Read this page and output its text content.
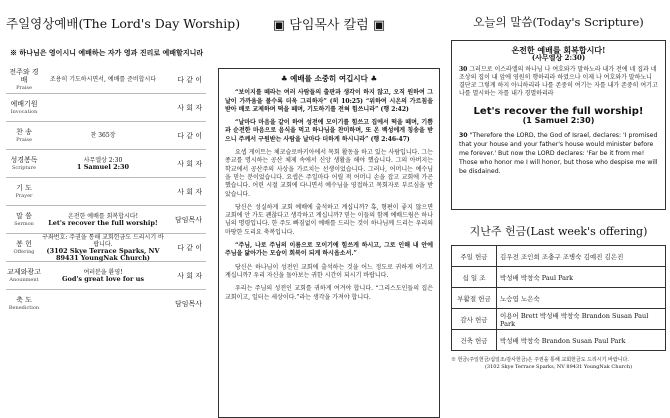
주일영상예배(The Lord's Day Worship)
※ 하나님은 영이시니 예배하는 자가 영과 진리로 예배할지니라
전주와 경배
Praise
조용히 기도하시면서, 예배를 준비합시다	다 같 이
예배기원
Invocation	사 회 자
찬 송
Praise
찬 365장	다 같 이
성경봉독
Scripture
사무엘상 2:30
1 Samuel 2:30	사 회 자
기 도
Prayer	사 회 자
말 씀
Sermon
온전한 예배를 회복합시다!
Let's recover the full worship!	담임목사
봉 헌
Offering
구좌번호: 주권을 통해 교회헌금도 드리시기 바랍니다.
(3102 Skye Terrace Sparks, NV 89431 YoungNak Church)
다 같 이
교제와광고
Anounment
여러분을 환영!
God's great love for us	사 회 자
축 도
Benediction	담임목사
▣ 담임목사 칼럼 ▣
♣ 예배를 소중히 여깁시다 ♣

“보이지를 떼라는 여러 사람들의 출판과 생각이 하지 않고, 오직 원하여 그 날이 가까움을 볼수록 더욱 그리하자” (히 10:25) “위하여 시온의 가르침을 받아 배로 교제하며 떡을 떼며, 기도하기를 전혀 힘쓰니라” (행 2:42)

“날마다 마음을 같이 하여 성전에 모이기를 힘쓰고 집에서 떡을 떼며, 기쁨과 순전한 마음으로 음식을 먹고 하나님을 찬미하며, 또 온 백성에게 칭송을 받으니 주께서 구원받는 사람을 날마다 더하게 하시니라” (행 2:46-47)

요셉 게이트는 체코슬로바키아에서 목회 활동을 하고 있는 사람입니다. 그는 종교를 명시하는 공산 체제 속에서 신앙 생활을 해야 했습니다. 그의 아버지는 학교에서 공산주의 사상을 가르치는 선생이었습니다. 그러나, 어머니는 예수님을 믿는 분이었습니다. 요셉은 주일마다 어릴 적 어머니 손을 잡고 교회에 가곤 했습니다. 어린 시절 교회에 다니면서 예수님을 영접하고 목회자로 부르심을 받았습니다.

당신은 성실하게 교회 예배에 출석하고 계십니까? 혹, 형편이 좋지 않으면 교회에 안 가도 괜찮다고 생각하고 계십니까? 믿는 이들의 함께 예배드림은 하나님의 명령입니다. 한 주도 빠짐없이 예배를 드리는 것이 하나님께 드리는 우리의 마땅한 도리요 축복입니다.

“주님, 나로 주님의 이름으로 모이기에 힘쓰게 하시고, 그로 인해 내 안에 주님을 닮아가는 모습이 회복이 되게 하시옵소서.”

당신은 하나님이 성전인 교회에 출석하는 것을 어느 정도로 귀하게 여기고 계십니까? 우리 자신을 돌아보는 귀한 시간이 되시기 바랍니다.

우리는 주님의 성전인 교회를 귀하게 여겨야 합니다. “그리스도인들의 집은 교회이고, 일터는 세상이다.”라는 생각을 가져야 합니다.

오늘의 말씀(Today's Scripture)

온전한 예배를 회복합시다!

(사무엘상 2:30)

30 그러므로 이스라엘의 하나님 나 여호와가 말하노라 내가 전에 네 집과 네 조상의 집이 내 앞에 영원히 행하리라 하였으나 이제 나 여호와가 말하노니 결단코 그렇게 하지 아니하리라 나를 존중히 여기는 자를 내가 존중히 여기고 나를 멸시하는 자를 내가 경멸하리라

Let's recover the full worship!

(1 Samuel 2:30)

30 "Therefore the LORD, the God of Israel, declares: 'I promised that your house and your father's house would minister before me forever.' But now the LORD declares: 'Far be it from me! Those who honor me I will honor, but those who despise me will be disdained.

지난주 헌금(Last week's offering)
주일 헌금	김우전 조인희 조충구 조병숙 김예진 김은진
십 일 조	박성배 박창숙 Paul Park
부활절 헌금	노승엽 노은숙
감사 헌금	이용어 Brett 박성배 박창숙 Brandon Susan Paul Park
건축 헌금	박성배 박창숙 Brandon Susan Paul Park
※ 헌금(주일헌금/십일조/감사헌금)은 주권을 통해 교회헌금도 드리시기 바랍니다.
(3102 Skye Terrace Sparks, NV 89431 YoungNak Church)
